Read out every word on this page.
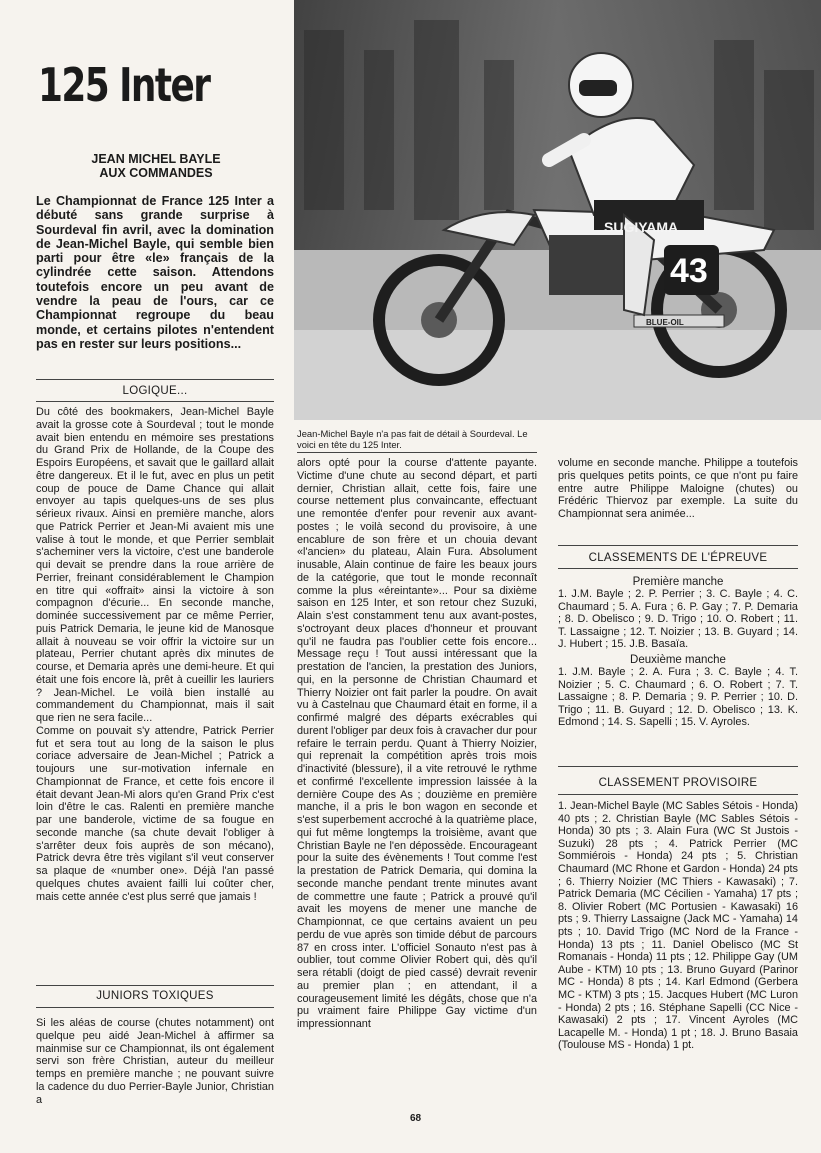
125 Inter
JEAN MICHEL BAYLE
AUX COMMANDES
Le Championnat de France 125 Inter a débuté sans grande surprise à Sourdeval fin avril, avec la domination de Jean-Michel Bayle, qui semble bien parti pour être «le» français de la cylindrée cette saison. Attendons toutefois encore un peu avant de vendre la peau de l'ours, car ce Championnat regroupe du beau monde, et certains pilotes n'entendent pas en rester sur leurs positions...
LOGIQUE...
Du côté des bookmakers, Jean-Michel Bayle avait la grosse cote à Sourdeval ; tout le monde avait bien entendu en mémoire ses prestations du Grand Prix de Hollande, de la Coupe des Espoirs Européens, et savait que le gaillard allait être dangereux. Et il le fut, avec en plus un petit coup de pouce de Dame Chance qui allait envoyer au tapis quelques-uns de ses plus sérieux rivaux. Ainsi en première manche, alors que Patrick Perrier et Jean-Mi avaient mis une valise à tout le monde, et que Perrier semblait s'acheminer vers la victoire, c'est une banderole qui devait se prendre dans la roue arrière de Perrier, freinant considérablement le Champion en titre qui «offrait» ainsi la victoire à son compagnon d'écurie... En seconde manche, dominée successivement par ce même Perrier, puis Patrick Demaria, le jeune kid de Manosque allait à nouveau se voir offrir la victoire sur un plateau, Perrier chutant après dix minutes de course, et Demaria après une demi-heure. Et qui était une fois encore là, prêt à cueillir les lauriers ? Jean-Michel. Le voilà bien installé au commandement du Championnat, mais il sait que rien ne sera facile...
Comme on pouvait s'y attendre, Patrick Perrier fut et sera tout au long de la saison le plus coriace adversaire de Jean-Michel ; Patrick a toujours une sur-motivation infernale en Championnat de France, et cette fois encore il était devant Jean-Mi alors qu'en Grand Prix c'est loin d'être le cas. Ralenti en première manche par une banderole, victime de sa fougue en seconde manche (sa chute devait l'obliger à s'arrêter deux fois auprès de son mécano), Patrick devra être très vigilant s'il veut conserver sa plaque de «number one». Déjà l'an passé quelques chutes avaient failli lui coûter cher, mais cette année c'est plus serré que jamais !
JUNIORS TOXIQUES
Si les aléas de course (chutes notamment) ont quelque peu aidé Jean-Michel à affirmer sa mainmise sur ce Championnat, ils ont également servi son frère Christian, auteur du meilleur temps en première manche ; ne pouvant suivre la cadence du duo Perrier-Bayle Junior, Christian a
SUGIYAMA
43
BLUE-OIL
Jean-Michel Bayle n'a pas fait de détail à Sourdeval. Le voici en tête du 125 Inter.
alors opté pour la course d'attente payante. Victime d'une chute au second départ, et parti dernier, Christian allait, cette fois, faire une course nettement plus convaincante, effectuant une remontée d'enfer pour revenir aux avant-postes ; le voilà second du provisoire, à une encablure de son frère et un chouia devant «l'ancien» du plateau, Alain Fura. Absolument inusable, Alain continue de faire les beaux jours de la catégorie, que tout le monde reconnaît comme la plus «éreintante»... Pour sa dixième saison en 125 Inter, et son retour chez Suzuki, Alain s'est constamment tenu aux avant-postes, s'octroyant deux places d'honneur et prouvant qu'il ne faudra pas l'oublier cette fois encore... Message reçu ! Tout aussi intéressant que la prestation de l'ancien, la prestation des Juniors, qui, en la personne de Christian Chaumard et Thierry Noizier ont fait parler la poudre. On avait vu à Castelnau que Chaumard était en forme, il a confirmé malgré des départs exécrables qui durent l'obliger par deux fois à cravacher dur pour refaire le terrain perdu. Quant à Thierry Noizier, qui reprenait la compétition après trois mois d'inactivité (blessure), il a vite retrouvé le rythme et confirmé l'excellente impression laissée à la dernière Coupe des As ; douzième en première manche, il a pris le bon wagon en seconde et s'est superbement accroché à la quatrième place, qui fut même longtemps la troisième, avant que Christian Bayle ne l'en dépossède. Encourageant pour la suite des évènements ! Tout comme l'est la prestation de Patrick Demaria, qui domina la seconde manche pendant trente minutes avant de commettre une faute ; Patrick a prouvé qu'il avait les moyens de mener une manche de Championnat, ce que certains avaient un peu perdu de vue après son timide début de parcours 87 en cross inter. L'officiel Sonauto n'est pas à oublier, tout comme Olivier Robert qui, dès qu'il sera rétabli (doigt de pied cassé) devrait revenir au premier plan ; en attendant, il a courageusement limité les dégâts, chose que n'a pu vraiment faire Philippe Gay victime d'un impressionnant
volume en seconde manche. Philippe a toutefois pris quelques petits points, ce que n'ont pu faire entre autre Philippe Maloigne (chutes) ou Frédéric Thiervoz par exemple. La suite du Championnat sera animée...
CLASSEMENTS DE L'ÉPREUVE
Première manche
1. J.M. Bayle ; 2. P. Perrier ; 3. C. Bayle ; 4. C. Chaumard ; 5. A. Fura ; 6. P. Gay ; 7. P. Demaria ; 8. D. Obelisco ; 9. D. Trigo ; 10. O. Robert ; 11. T. Lassaigne ; 12. T. Noizier ; 13. B. Guyard ; 14. J. Hubert ; 15. J.B. Basaïa.
Deuxième manche
1. J.M. Bayle ; 2. A. Fura ; 3. C. Bayle ; 4. T. Noizier ; 5. C. Chaumard ; 6. O. Robert ; 7. T. Lassaigne ; 8. P. Demaria ; 9. P. Perrier ; 10. D. Trigo ; 11. B. Guyard ; 12. D. Obelisco ; 13. K. Edmond ; 14. S. Sapelli ; 15. V. Ayroles.
CLASSEMENT PROVISOIRE
1. Jean-Michel Bayle (MC Sables Sétois - Honda) 40 pts ; 2. Christian Bayle (MC Sables Sétois - Honda) 30 pts ; 3. Alain Fura (WC St Justois - Suzuki) 28 pts ; 4. Patrick Perrier (MC Sommiérois - Honda) 24 pts ; 5. Christian Chaumard (MC Rhone et Gardon - Honda) 24 pts ; 6. Thierry Noizier (MC Thiers - Kawasaki) ; 7. Patrick Demaria (MC Cécilien - Yamaha) 17 pts ; 8. Olivier Robert (MC Portusien - Kawasaki) 16 pts ; 9. Thierry Lassaigne (Jack MC - Yamaha) 14 pts ; 10. David Trigo (MC Nord de la France - Honda) 13 pts ; 11. Daniel Obelisco (MC St Romanais - Honda) 11 pts ; 12. Philippe Gay (UM Aube - KTM) 10 pts ; 13. Bruno Guyard (Parinor MC - Honda) 8 pts ; 14. Karl Edmond (Gerbera MC - KTM) 3 pts ; 15. Jacques Hubert (MC Luron - Honda) 2 pts ; 16. Stéphane Sapelli (CC Nice - Kawasaki) 2 pts ; 17. Vincent Ayroles (MC Lacapelle M. - Honda) 1 pt ; 18. J. Bruno Basaia (Toulouse MS - Honda) 1 pt.
68
